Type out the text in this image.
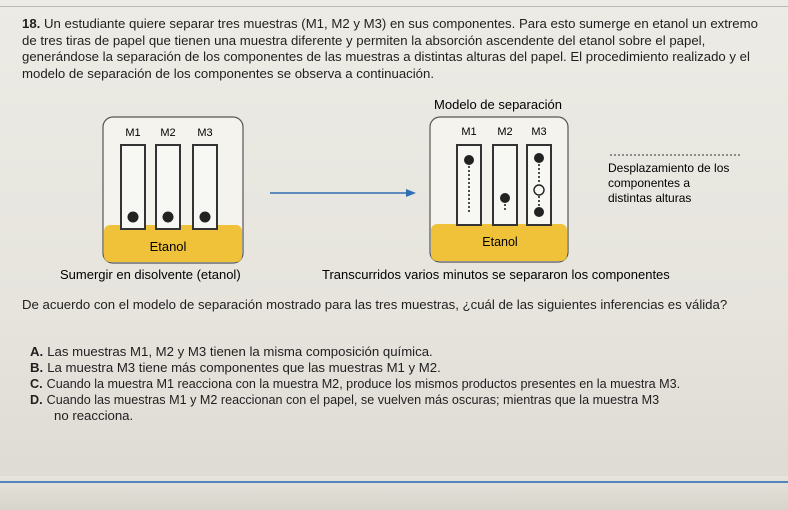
18. Un estudiante quiere separar tres muestras (M1, M2 y M3) en sus componentes. Para esto sumerge en etanol un extremo de tres tiras de papel que tienen una muestra diferente y permiten la absorción ascendente del etanol sobre el papel, generándose la separación de los componentes de las muestras a distintas alturas del papel. El procedimiento realizado y el modelo de separación de los componentes se observa a continuación.
M1 M2 M3
Etanol
Modelo de separación
M1 M2 M3
Etanol
Desplazamiento de los
componentes a
distintas alturas
Sumergir en disolvente (etanol)	Transcurridos varios minutos se separaron los componentes
De acuerdo con el modelo de separación mostrado para las tres muestras, ¿cuál de las siguientes inferencias es válida?
A. Las muestras M1, M2 y M3 tienen la misma composición química.
B. La muestra M3 tiene más componentes que las muestras M1 y M2.
C. Cuando la muestra M1 reacciona con la muestra M2, produce los mismos productos presentes en la muestra M3.
D. Cuando las muestras M1 y M2 reaccionan con el papel, se vuelven más oscuras; mientras que la muestra M3
no reacciona.
